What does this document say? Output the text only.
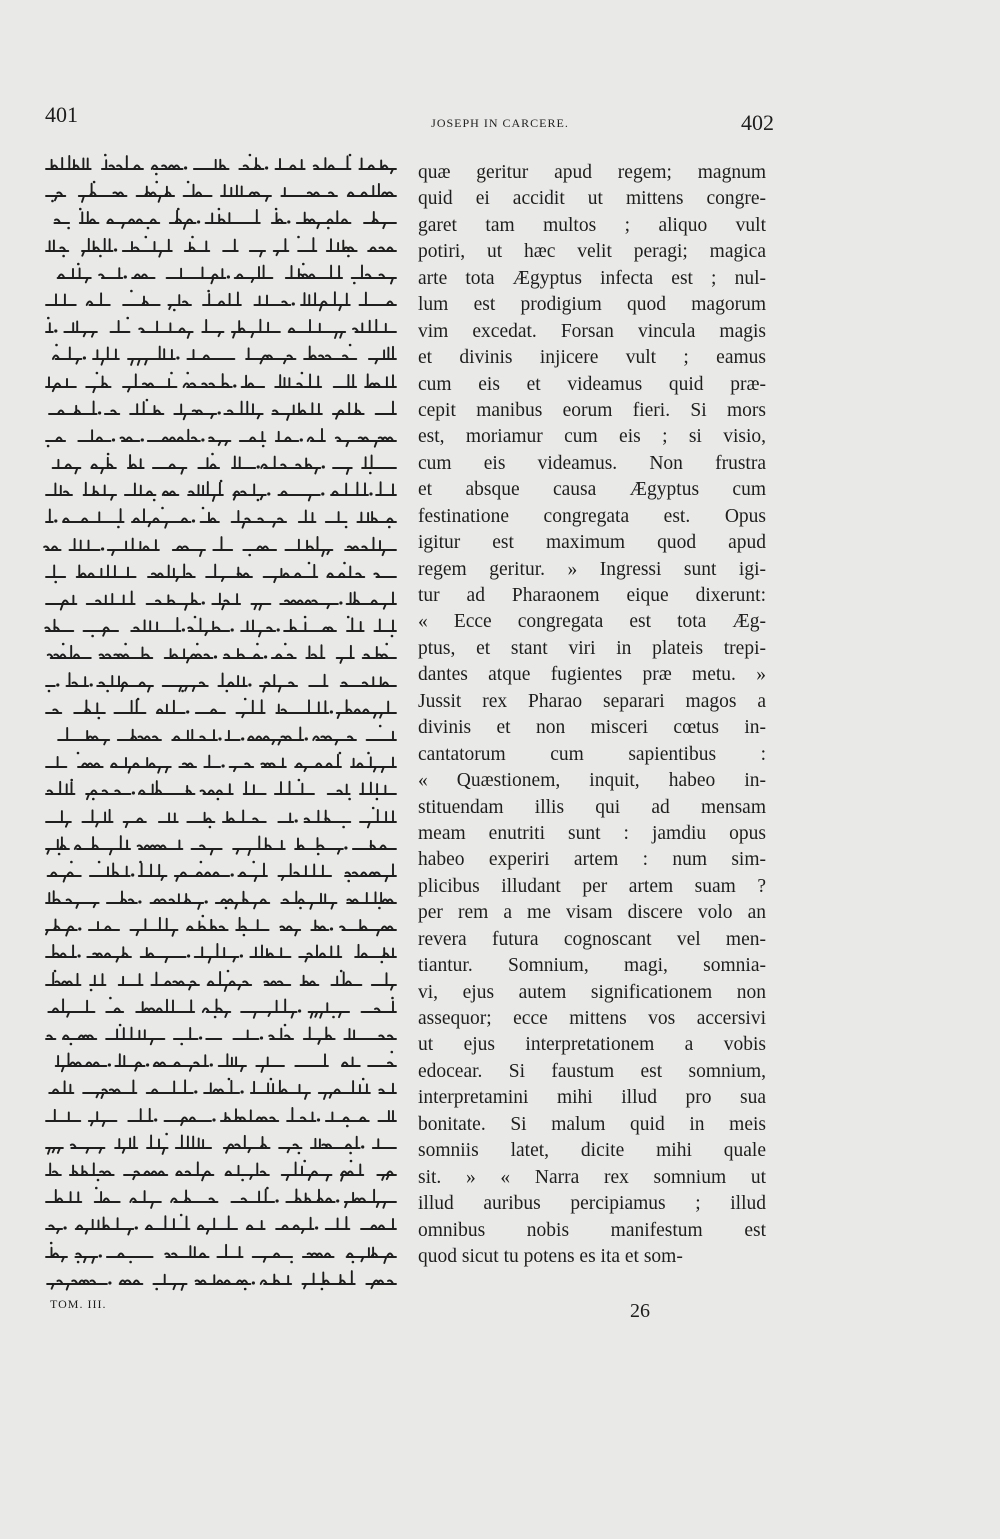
401	JOSEPH IN CARCERE.	402
quæ geritur apud regem; magnum
quid ei accidit ut mittens congre-
garet tam multos ; aliquo vult
potiri, ut hæc velit peragi; magica
arte tota Ægyptus infecta est ; nul-
lum est prodigium quod magorum
vim excedat. Forsan vincula magis
et divinis injicere vult ; eamus
cum eis et videamus quid præ-
cepit manibus eorum fieri. Si mors
est, moriamur cum eis ; si visio,
cum eis videamus. Non frustra
et absque causa Ægyptus cum
festinatione congregata est. Opus
igitur est maximum quod apud
regem geritur. » Ingressi sunt igi-
tur ad Pharaonem eique dixerunt:
« Ecce congregata est tota Æg-
ptus, et stant viri in plateis trepi-
dantes atque fugientes præ metu. »
Jussit rex Pharao separari magos a
divinis et non misceri cœtus in-
cantatorum cum sapientibus :
« Quæstionem, inquit, habeo in-
stituendam illis qui ad mensam
meam enutriti sunt : jamdiu opus
habeo experiri artem : num sim-
plicibus illudant per artem suam ?
per rem a me visam discere volo an
revera futura cognoscant vel men-
tiantur. Somnium, magi, somnia-
vi, ejus autem significationem non
assequor; ecce mittens vos accersivi
ut ejus interpretationem a vobis
edocear. Si faustum est somnium,
interpretamini mihi illud pro sua
bonitate. Si malum quid in meis
somniis latet, dicite mihi quale
sit. » « Narra rex somnium ut
illud auribus percipiamus ; illud
omnibus nobis manifestum est
quod sicut tu potens es ita et som-
TOM. III.	26
